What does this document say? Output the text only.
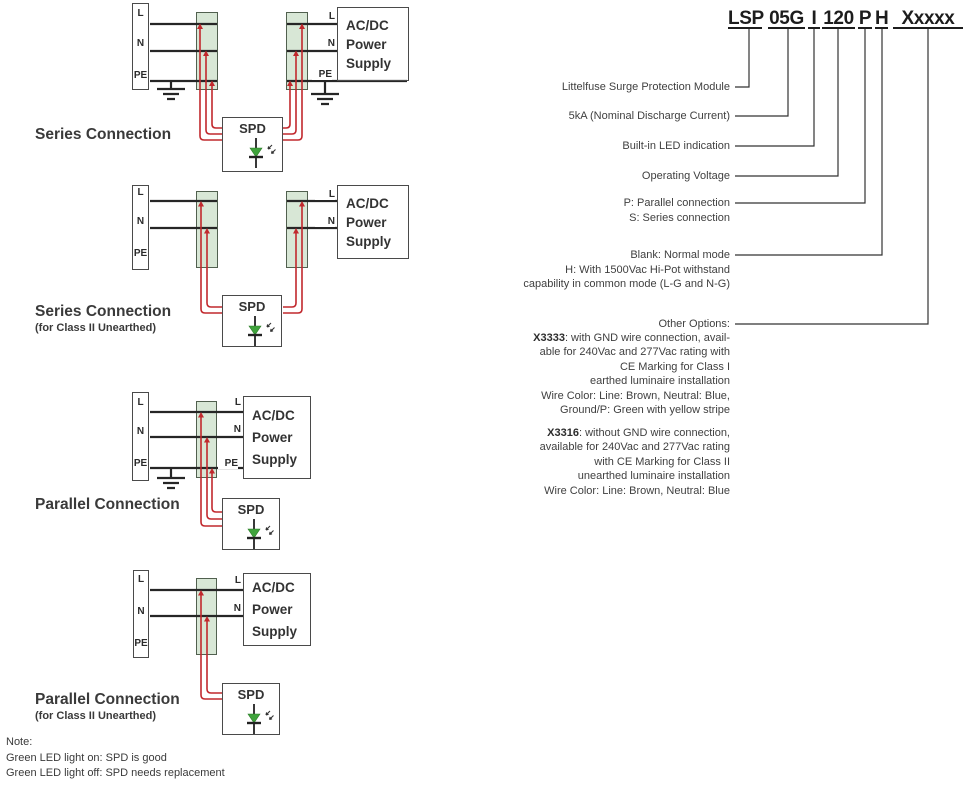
L
N
PE
L
N
PE
AC/DC
Power
Supply
SPD
Series Connection
L
N
PE
L
N
AC/DC
Power
Supply
SPD
Series Connection
(for Class II Unearthed)
L
N
PE
L
N
PE
AC/DC
Power
Supply
SPD
Parallel Connection
L
N
PE
L
N
AC/DC
Power
Supply
SPD
Parallel Connection
(for Class II Unearthed)
Note:
Green LED light on: SPD is good
Green LED light off: SPD needs replacement
LSP 05G I 120 P H Xxxxx
Littelfuse Surge Protection Module
5kA (Nominal Discharge Current)
Built-in LED indication
Operating Voltage
P: Parallel connection
S: Series connection
Blank: Normal mode
H: With 1500Vac Hi-Pot withstand
capability in common mode (L-G and N-G)
Other Options:
X3333: with GND wire connection, avail-
able for 240Vac and 277Vac rating with
CE Marking for Class I
earthed luminaire installation
Wire Color: Line: Brown, Neutral: Blue,
Ground/P: Green with yellow stripe
X3316: without GND wire connection,
available for 240Vac and 277Vac rating
with CE Marking for Class II
unearthed luminaire installation
Wire Color: Line: Brown, Neutral: Blue
